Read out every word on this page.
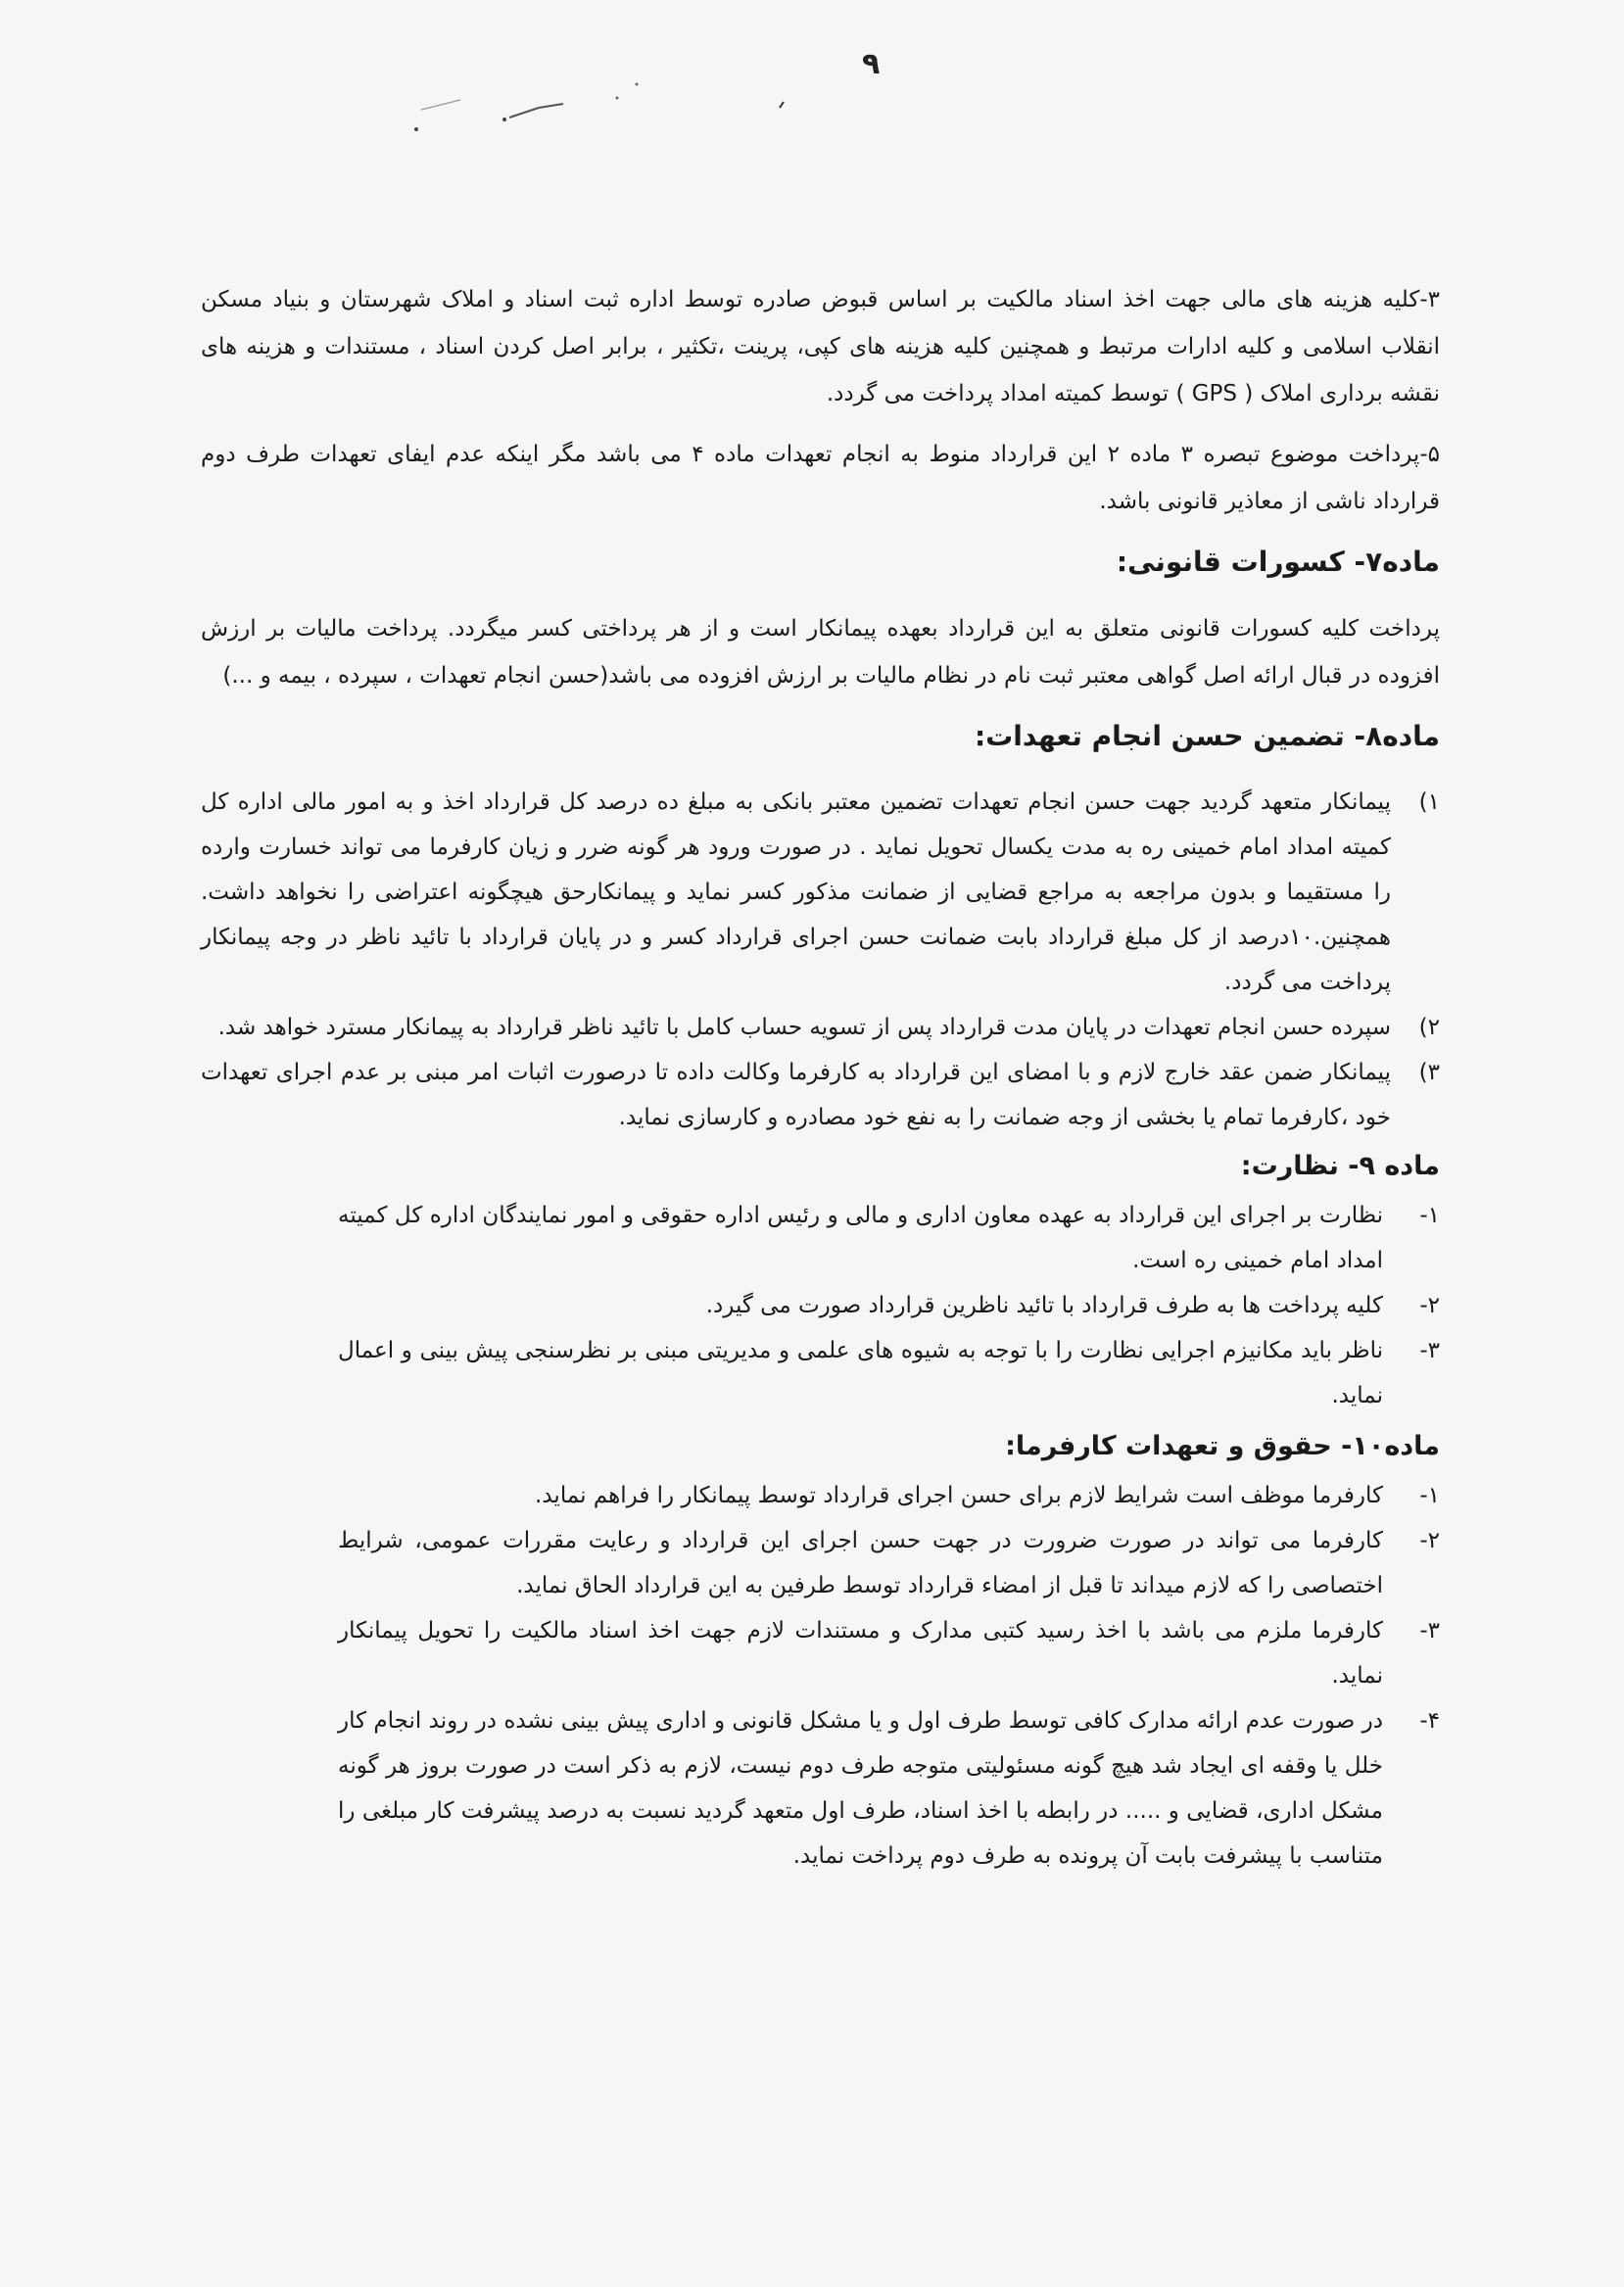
۹

۳-کلیه هزینه های مالی جهت اخذ اسناد مالکیت بر اساس قبوض صادره توسط اداره ثبت اسناد و املاک شهرستان و بنیاد مسکن انقلاب اسلامی و کلیه ادارات مرتبط و همچنین کلیه هزینه های کپی، پرینت ،تکثیر ، برابر اصل کردن اسناد ، مستندات و هزینه های نقشه برداری املاک ( GPS ) توسط کمیته امداد پرداخت می گردد.

۵-پرداخت موضوع تبصره ۳ ماده ۲ این قرارداد منوط به انجام تعهدات ماده ۴ می باشد مگر اینکه عدم ایفای تعهدات طرف دوم قرارداد ناشی از معاذیر قانونی باشد.

ماده۷- کسورات قانونی:

پرداخت کلیه کسورات قانونی متعلق به این قرارداد بعهده پیمانکار است و از هر پرداختی کسر میگردد. پرداخت مالیات بر ارزش افزوده در قبال ارائه اصل گواهی معتبر ثبت نام در نظام مالیات بر ارزش افزوده می باشد(حسن انجام تعهدات ، سپرده ، بیمه و ...)

ماده۸- تضمین حسن انجام تعهدات:
۱)
پیمانکار متعهد گردید جهت حسن انجام تعهدات تضمین معتبر بانکی به مبلغ ده درصد کل قرارداد اخذ و به امور مالی اداره کل کمیته امداد امام خمینی ره به مدت یکسال تحویل نماید . در صورت ورود هر گونه ضرر و زیان کارفرما می تواند خسارت وارده را مستقیما و بدون مراجعه به مراجع قضایی از ضمانت مذکور کسر نماید و پیمانکارحق هیچگونه اعتراضی را نخواهد داشت. همچنین.۱۰درصد از کل مبلغ قرارداد بابت ضمانت حسن اجرای قرارداد کسر و در پایان قرارداد با تائید ناظر در وجه پیمانکار پرداخت می گردد.
۲)
سپرده حسن انجام تعهدات در پایان مدت قرارداد پس از تسویه حساب کامل با تائید ناظر قرارداد به پیمانکار مسترد خواهد شد.
۳)
پیمانکار ضمن عقد خارج لازم و با امضای این قرارداد به کارفرما وکالت داده تا درصورت اثبات امر مبنی بر عدم اجرای تعهدات خود ،کارفرما تمام یا بخشی از وجه ضمانت را به نفع خود مصادره و کارسازی نماید.
ماده ۹- نظارت:
۱-
نظارت بر اجرای این قرارداد به عهده معاون اداری و مالی و رئیس اداره حقوقی و امور نمایندگان اداره کل کمیته امداد امام خمینی ره است.
۲-
کلیه پرداخت ها به طرف قرارداد با تائید ناظرین قرارداد صورت می گیرد.
۳-
ناظر باید مکانیزم اجرایی نظارت را با توجه به شیوه های علمی و مدیریتی مبنی بر نظرسنجی پیش بینی و اعمال نماید.
ماده۱۰- حقوق و تعهدات کارفرما:
۱-
کارفرما موظف است شرایط لازم برای حسن اجرای قرارداد توسط پیمانکار را فراهم نماید.
۲-
کارفرما می تواند در صورت ضرورت در جهت حسن اجرای این قرارداد و رعایت مقررات عمومی، شرایط اختصاصی را که لازم میداند تا قبل از امضاء قرارداد توسط طرفین به این قرارداد الحاق نماید.
۳-
کارفرما ملزم می باشد با اخذ رسید کتبی مدارک و مستندات لازم جهت اخذ اسناد مالکیت را تحویل پیمانکار نماید.
۴-
در صورت عدم ارائه مدارک کافی توسط طرف اول و یا مشکل قانونی و اداری پیش بینی نشده در روند انجام کار خلل یا وقفه ای ایجاد شد هیچ گونه مسئولیتی متوجه طرف دوم نیست، لازم به ذکر است در صورت بروز هر گونه مشکل اداری، قضایی و ..... در رابطه با اخذ اسناد، طرف اول متعهد گردید نسبت به درصد پیشرفت کار مبلغی را متناسب با پیشرفت بابت آن پرونده به طرف دوم پرداخت نماید.
